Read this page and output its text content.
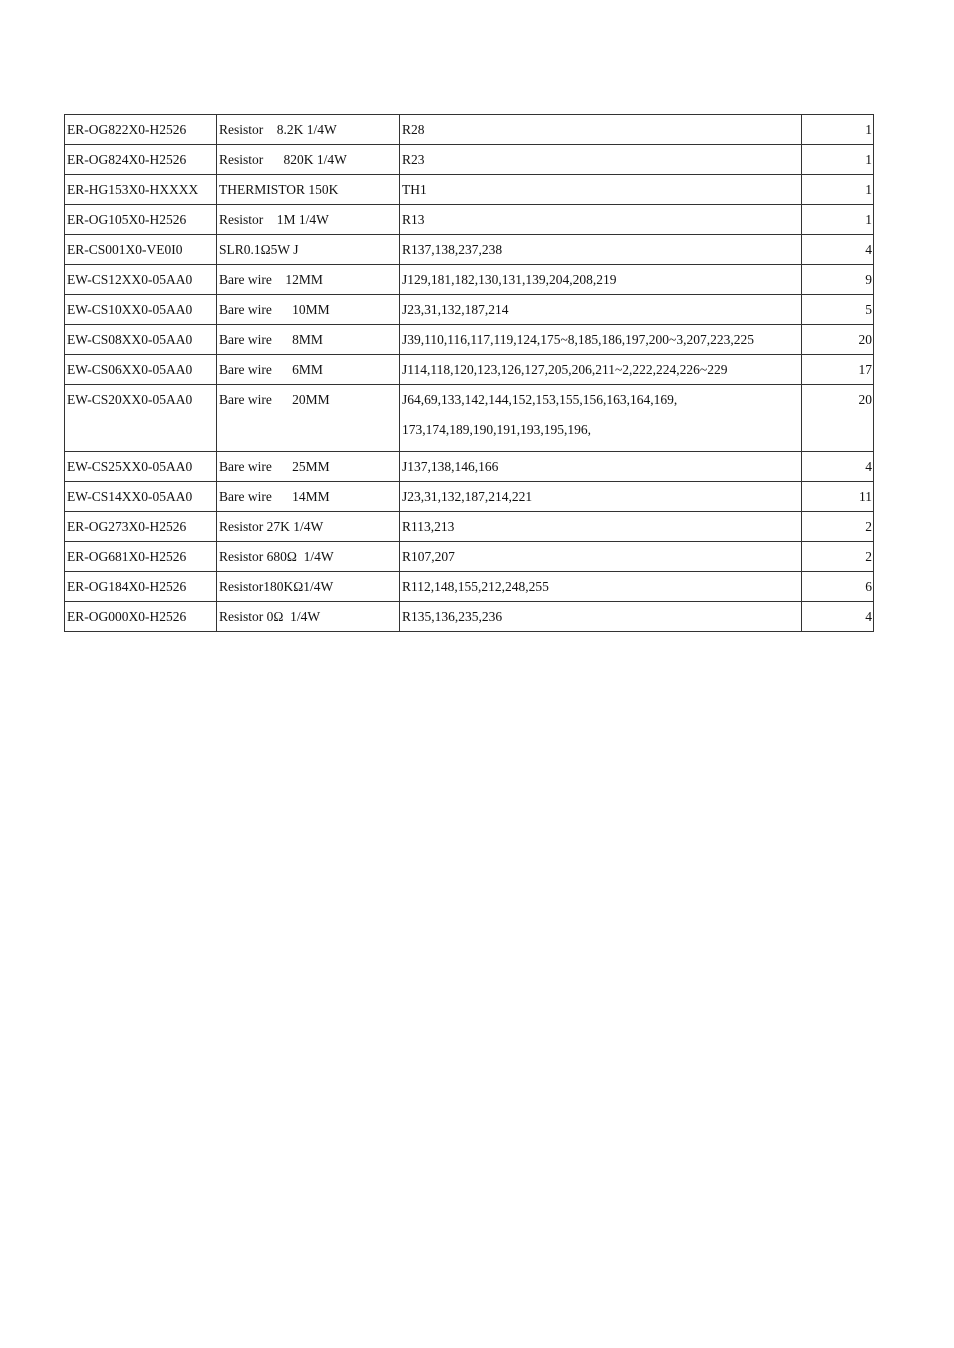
ER-OG822X0-H2526	Resistor    8.2K 1/4W	R28	1
ER-OG824X0-H2526	Resistor      820K 1/4W	R23	1
ER-HG153X0-HXXXX	THERMISTOR 150K	TH1	1
ER-OG105X0-H2526	Resistor    1M 1/4W	R13	1
ER-CS001X0-VE0I0	SLR0.1Ω5W J	R137,138,237,238	4
EW-CS12XX0-05AA0	Bare wire    12MM	J129,181,182,130,131,139,204,208,219	9
EW-CS10XX0-05AA0	Bare wire      10MM	J23,31,132,187,214	5
EW-CS08XX0-05AA0	Bare wire      8MM	J39,110,116,117,119,124,175~8,185,186,197,200~3,207,223,225	20
EW-CS06XX0-05AA0	Bare wire      6MM	J114,118,120,123,126,127,205,206,211~2,222,224,226~229	17
EW-CS20XX0-05AA0	Bare wire      20MM	J64,69,133,142,144,152,153,155,156,163,164,169,
173,174,189,190,191,193,195,196,	20
EW-CS25XX0-05AA0	Bare wire      25MM	J137,138,146,166	4
EW-CS14XX0-05AA0	Bare wire      14MM	J23,31,132,187,214,221	11
ER-OG273X0-H2526	Resistor 27K 1/4W	R113,213	2
ER-OG681X0-H2526	Resistor 680Ω  1/4W	R107,207	2
ER-OG184X0-H2526	Resistor180KΩ1/4W	R112,148,155,212,248,255	6
ER-OG000X0-H2526	Resistor 0Ω  1/4W	R135,136,235,236	4
